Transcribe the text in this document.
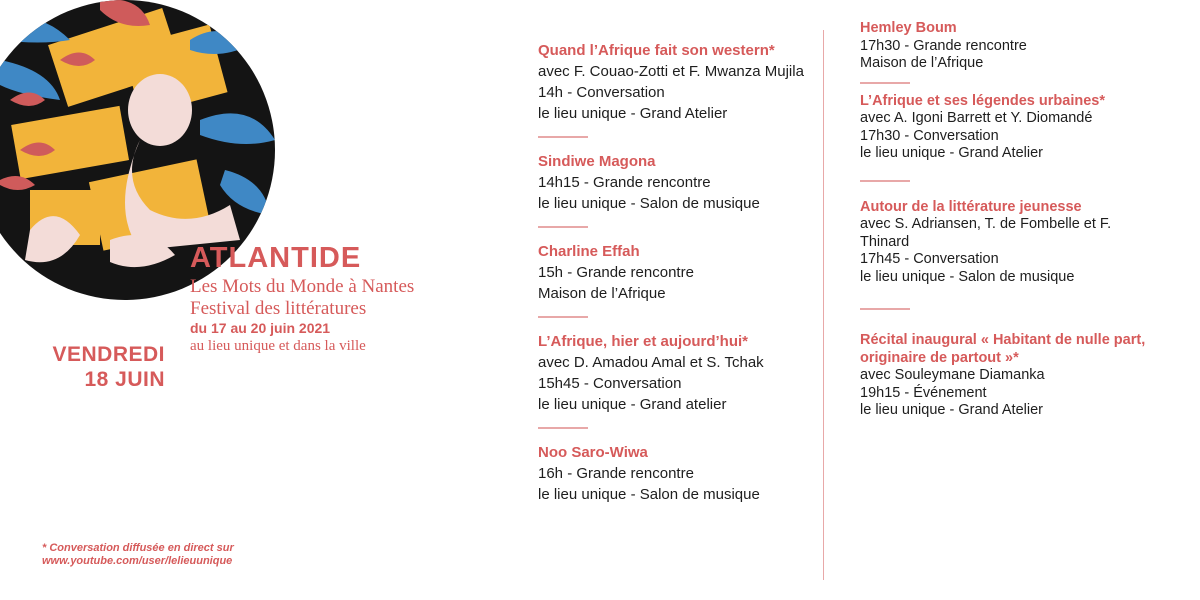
ATLANTIDE
Les Mots du Monde à Nantes
Festival des littératures
du 17 au 20 juin 2021
au lieu unique et dans la ville
VENDREDI
18 JUIN
* Conversation diffusée en direct sur
www.youtube.com/user/lelieuunique
Quand l’Afrique fait son western*
avec F. Couao-Zotti et F. Mwanza Mujila
14h - Conversation
le lieu unique - Grand Atelier
Sindiwe Magona
14h15 - Grande rencontre
le lieu unique - Salon de musique
Charline Effah
15h - Grande rencontre
Maison de l’Afrique
L’Afrique, hier et aujourd’hui*
avec D. Amadou Amal et S. Tchak
15h45 - Conversation
le lieu unique - Grand atelier
Noo Saro-Wiwa
16h - Grande rencontre
le lieu unique - Salon de musique
Hemley Boum
17h30 - Grande rencontre
Maison de l’Afrique
L’Afrique et ses légendes urbaines*
avec A. Igoni Barrett et Y. Diomandé
17h30 - Conversation
le lieu unique - Grand Atelier
Autour de la littérature jeunesse
avec S. Adriansen, T. de Fombelle et F. Thinard
17h45 - Conversation
le lieu unique - Salon de musique
Récital inaugural « Habitant de nulle part, originaire de partout »*
avec Souleymane Diamanka
19h15 - Événement
le lieu unique - Grand Atelier
